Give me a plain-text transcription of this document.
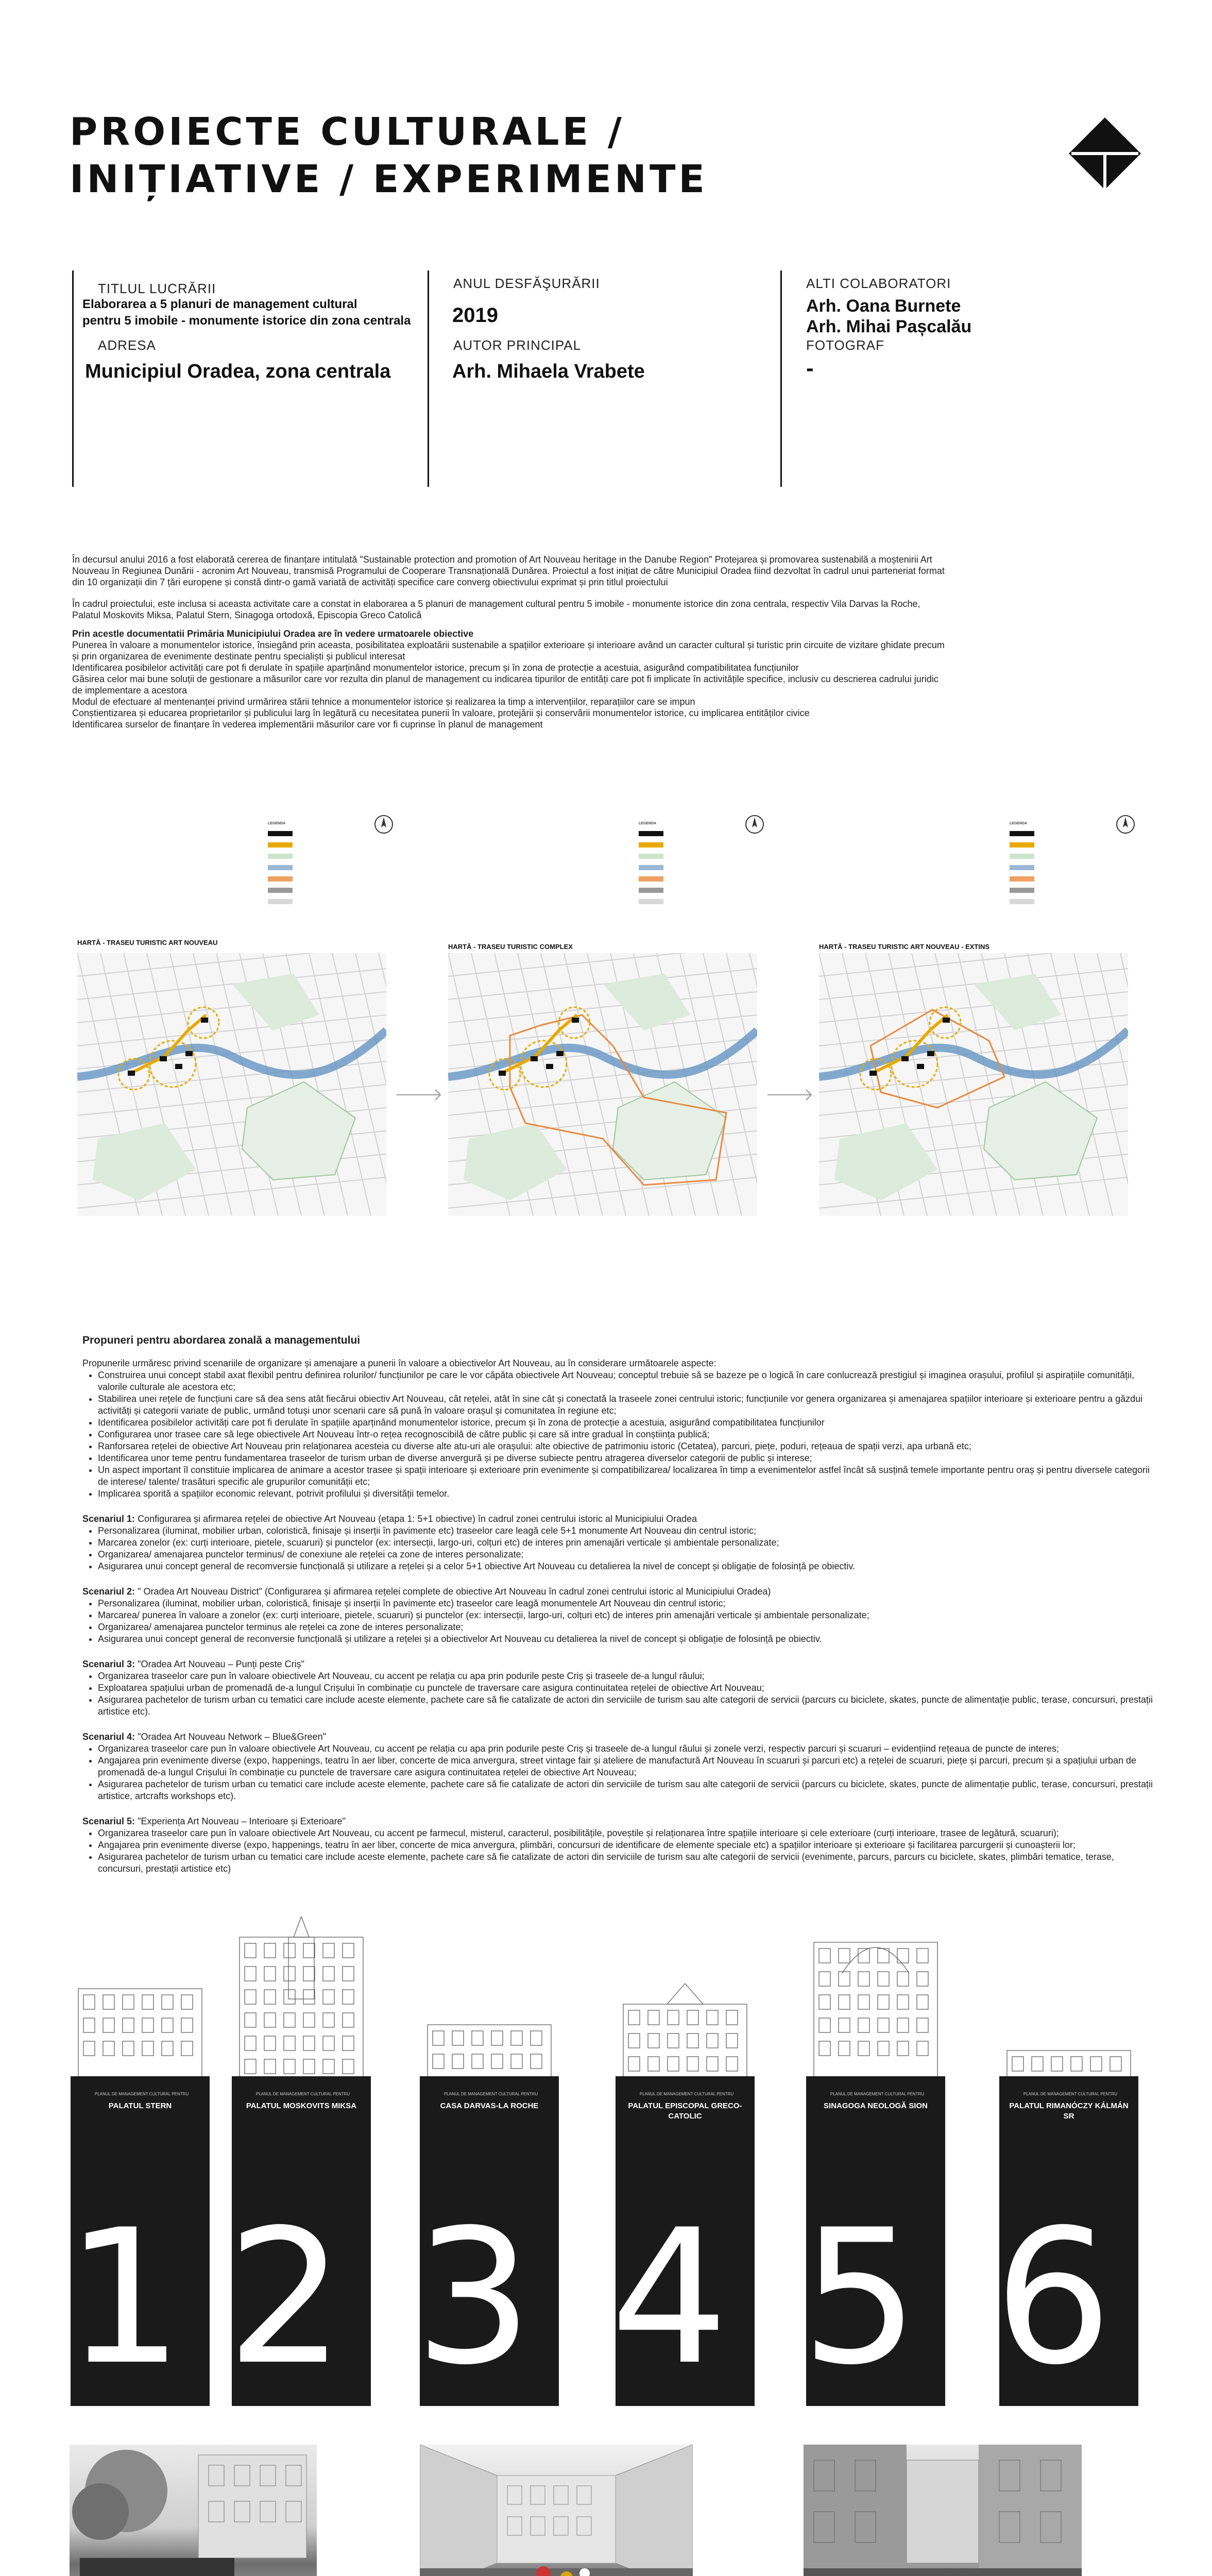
PROIECTE CULTURALE /
INIȚIATIVE / EXPERIMENTE
TITLUL LUCRĂRII
Elaborarea a 5 planuri de management cultural
pentru 5 imobile - monumente istorice din zona centrala
ADRESA
Municipiul Oradea, zona centrala
ANUL DESFĂŞURĂRII
2019
AUTOR PRINCIPAL
Arh. Mihaela Vrabete
ALTI COLABORATORI
Arh. Oana Burnete
Arh. Mihai Pașcalău
FOTOGRAF
-

În decursul anului 2016 a fost elaborată cererea de finanțare intitulată "Sustainable protection and promotion of Art Nouveau heritage in the Danube Region" Protejarea și promovarea sustenabilă a moștenirii Art Nouveau în Regiunea Dunării - acronim Art Nouveau, transmisă Programului de Cooperare Transnațională Dunărea. Proiectul a fost inițiat de către Municipiul Oradea fiind dezvoltat în cadrul unui parteneriat format din 10 organizații din 7 țări europene și constă dintr-o gamă variată de activități specifice care converg obiectivului exprimat și prin titlul proiectului

În cadrul proiectului, este inclusa si aceasta activitate care a constat in elaborarea a 5 planuri de management cultural pentru 5 imobile - monumente istorice din zona centrala, respectiv Vila Darvas la Roche, Palatul Moskovits Miksa, Palatul Stern, Sinagoga ortodoxă, Episcopia Greco Catolică

Prin acestle documentatii Primăria Municipiului Oradea are în vedere urmatoarele obiective

Punerea în valoare a monumentelor istorice, însiegând prin aceasta, posibilitatea exploatării sustenabile a spațiilor exterioare și interioare având un caracter cultural și turistic prin circuite de vizitare ghidate precum și prin organizarea de evenimente destinate pentru specialiști și publicul interesat

Identificarea posibilelor activități care pot fi derulate în spațiile aparținând monumentelor istorice, precum și în zona de protecție a acestuia, asigurând compatibilitatea funcțiunilor

Găsirea celor mai bune soluții de gestionare a măsurilor care vor rezulta din planul de management cu indicarea tipurilor de entități care pot fi implicate în activitățile specifice, inclusiv cu descrierea cadrului juridic de implementare a acestora

Modul de efectuare al mentenanței privind urmărirea stării tehnice a monumentelor istorice și realizarea la timp a intervențiilor, reparațiilor care se impun

Conștientizarea și educarea proprietarilor și publicului larg în legătură cu necesitatea punerii în valoare, protejării și conservării monumentelor istorice, cu implicarea entităților civice

Identificarea surselor de finanțare în vederea implementării măsurilor care vor fi cuprinse în planul de management

LEGENDA
HARTĂ - TRASEU TURISTIC ART NOUVEAU
LEGENDA
HARTĂ - TRASEU TURISTIC COMPLEX
LEGENDA
HARTĂ - TRASEU TURISTIC ART NOUVEAU - EXTINS

Propuneri pentru abordarea zonală a managementului

Propunerile urmăresc privind scenariile de organizare și amenajare a punerii în valoare a obiectivelor Art Nouveau, au în considerare următoarele aspecte:

• Construirea unui concept stabil axat flexibil pentru definirea rolurilor/ funcțiunilor pe care le vor căpăta obiectivele Art Nouveau; conceptul trebuie să se bazeze pe o logică în care conlucrează prestigiul și imaginea orașului, profilul și aspirațiile comunității, valorile culturale ale acestora etc;
• Stabilirea unei rețele de funcțiuni care să dea sens atât fiecărui obiectiv Art Nouveau, cât rețelei, atât în sine cât și conectată la traseele zonei centrului istoric; funcțiunile vor genera organizarea și amenajarea spațiilor interioare și exterioare pentru a găzdui activități și categorii variate de public, urmând totuși unor scenarii care să pună în valoare orașul și comunitatea în regiune etc;
• Identificarea posibilelor activități care pot fi derulate în spațiile aparținând monumentelor istorice, precum și în zona de protecție a acestuia, asigurând compatibilitatea funcțiunilor
• Configurarea unor trasee care să lege obiectivele Art Nouveau într-o rețea recognoscibilă de către public și care să intre gradual în conștiința publică;
• Ranforsarea rețelei de obiective Art Nouveau prin relaționarea acesteia cu diverse alte atu-uri ale orașului: alte obiective de patrimoniu istoric (Cetatea), parcuri, piețe, poduri, rețeaua de spații verzi, apa urbană etc;
• Identificarea unor teme pentru fundamentarea traseelor de turism urban de diverse anvergură și pe diverse subiecte pentru atragerea diverselor categorii de public și interese;
• Un aspect important îl constituie implicarea de animare a acestor trasee și spații interioare și exterioare prin evenimente și compatibilizarea/ localizarea în timp a evenimentelor astfel încât să susțină temele importante pentru oraș și pentru diversele categorii de interese/ talente/ trasături specific ale grupurilor comunității etc;
• Implicarea sporită a spațiilor economic relevant, potrivit profilului și diversității temelor.

Scenariul 1: Configurarea și afirmarea rețelei de obiective Art Nouveau (etapa 1: 5+1 obiective) în cadrul zonei centrului istoric al Municipiului Oradea

• Personalizarea (iluminat, mobilier urban, coloristică, finisaje și inserții în pavimente etc) traseelor care leagă cele 5+1 monumente Art Nouveau din centrul istoric;
• Marcarea zonelor (ex: curți interioare, pietele, scuaruri) și punctelor (ex: intersecții, largo-uri, colțuri etc) de interes prin amenajări verticale și ambientale personalizate;
• Organizarea/ amenajarea punctelor terminus/ de conexiune ale rețelei ca zone de interes personalizate;
• Asigurarea unui concept general de recomversie funcțională și utilizare a rețelei și a celor 5+1 obiective Art Nouveau cu detalierea la nivel de concept și obligație de folosință pe obiectiv.

Scenariul 2: " Oradea Art Nouveau District" (Configurarea și afirmarea rețelei complete de obiective Art Nouveau în cadrul zonei centrului istoric al Municipiului Oradea)

• Personalizarea (iluminat, mobilier urban, coloristică, finisaje și inserții în pavimente etc) traseelor care leagă monumentele Art Nouveau din centrul istoric;
• Marcarea/ punerea în valoare a zonelor (ex: curți interioare, pietele, scuaruri) și punctelor (ex: intersecții, largo-uri, colțuri etc) de interes prin amenajări verticale și ambientale personalizate;
• Organizarea/ amenajarea punctelor terminus ale rețelei ca zone de interes personalizate;
• Asigurarea unui concept general de reconversie funcțională și utilizare a rețelei și a obiectivelor Art Nouveau cu detalierea la nivel de concept și obligație de folosință pe obiectiv.

Scenariul 3: "Oradea Art Nouveau – Punți peste Criș"

• Organizarea traseelor care pun în valoare obiectivele Art Nouveau, cu accent pe relația cu apa prin podurile peste Criș și traseele de-a lungul râului;
• Exploatarea spațiului urban de promenadă de-a lungul Crișului în combinație cu punctele de traversare care asigura continuitatea rețelei de obiective Art Nouveau;
• Asigurarea pachetelor de turism urban cu tematici care include aceste elemente, pachete care să fie catalizate de actori din serviciile de turism sau alte categorii de servicii (parcurs cu biciclete, skates, puncte de alimentație public, terase, concursuri, prestații artistice etc).

Scenariul 4: "Oradea Art Nouveau Network – Blue&Green"

• Organizarea traseelor care pun în valoare obiectivele Art Nouveau, cu accent pe relația cu apa prin podurile peste Criș și traseele de-a lungul râului și zonele verzi, respectiv parcuri și scuaruri – evidențiind rețeaua de puncte de interes;
• Angajarea prin evenimente diverse (expo, happenings, teatru în aer liber, concerte de mica anvergura, street vintage fair și ateliere de manufactură Art Nouveau în scuaruri și parcuri etc) a rețelei de scuaruri, piețe și parcuri, precum și a spațiului urban de promenadă de-a lungul Crișului în combinație cu punctele de traversare care asigura continuitatea rețelei de obiective Art Nouveau;
• Asigurarea pachetelor de turism urban cu tematici care include aceste elemente, pachete care să fie catalizate de actori din serviciile de turism sau alte categorii de servicii (parcurs cu biciclete, skates, puncte de alimentație public, terase, concursuri, prestații artistice, artcrafts workshops etc).

Scenariul 5: "Experiența Art Nouveau – Interioare și Exterioare"

• Organizarea traseelor care pun în valoare obiectivele Art Nouveau, cu accent pe farmecul, misterul, caracterul, posibilitățile, poveștile și relaționarea între spațiile interioare și cele exterioare (curți interioare, trasee de legătură, scuaruri);
• Angajarea prin evenimente diverse (expo, happenings, teatru în aer liber, concerte de mica anvergura, plimbări, concursuri de identificare de elemente speciale etc) a spațiilor interioare și exterioare și facilitarea parcurgerii și cunoașterii lor;
• Asigurarea pachetelor de turism urban cu tematici care include aceste elemente, pachete care să fie catalizate de actori din serviciile de turism sau alte categorii de servicii (evenimente, parcurs, parcurs cu biciclete, skates, plimbări tematice, terase, concursuri, prestații artistice etc)
PLANUL DE MANAGEMENT CULTURAL PENTRU
PALATUL STERN
1
PLANUL DE MANAGEMENT CULTURAL PENTRU
PALATUL MOSKOVITS MIKSA
2
PLANUL DE MANAGEMENT CULTURAL PENTRU
CASA DARVAS-LA ROCHE
3
PLANUL DE MANAGEMENT CULTURAL PENTRU
PALATUL EPISCOPAL GRECO-CATOLIC
4
PLANUL DE MANAGEMENT CULTURAL PENTRU
SINAGOGA NEOLOGĂ SION
5
PLANUL DE MANAGEMENT CULTURAL PENTRU
PALATUL RIMANÓCZY KÁLMÁN SR
6
